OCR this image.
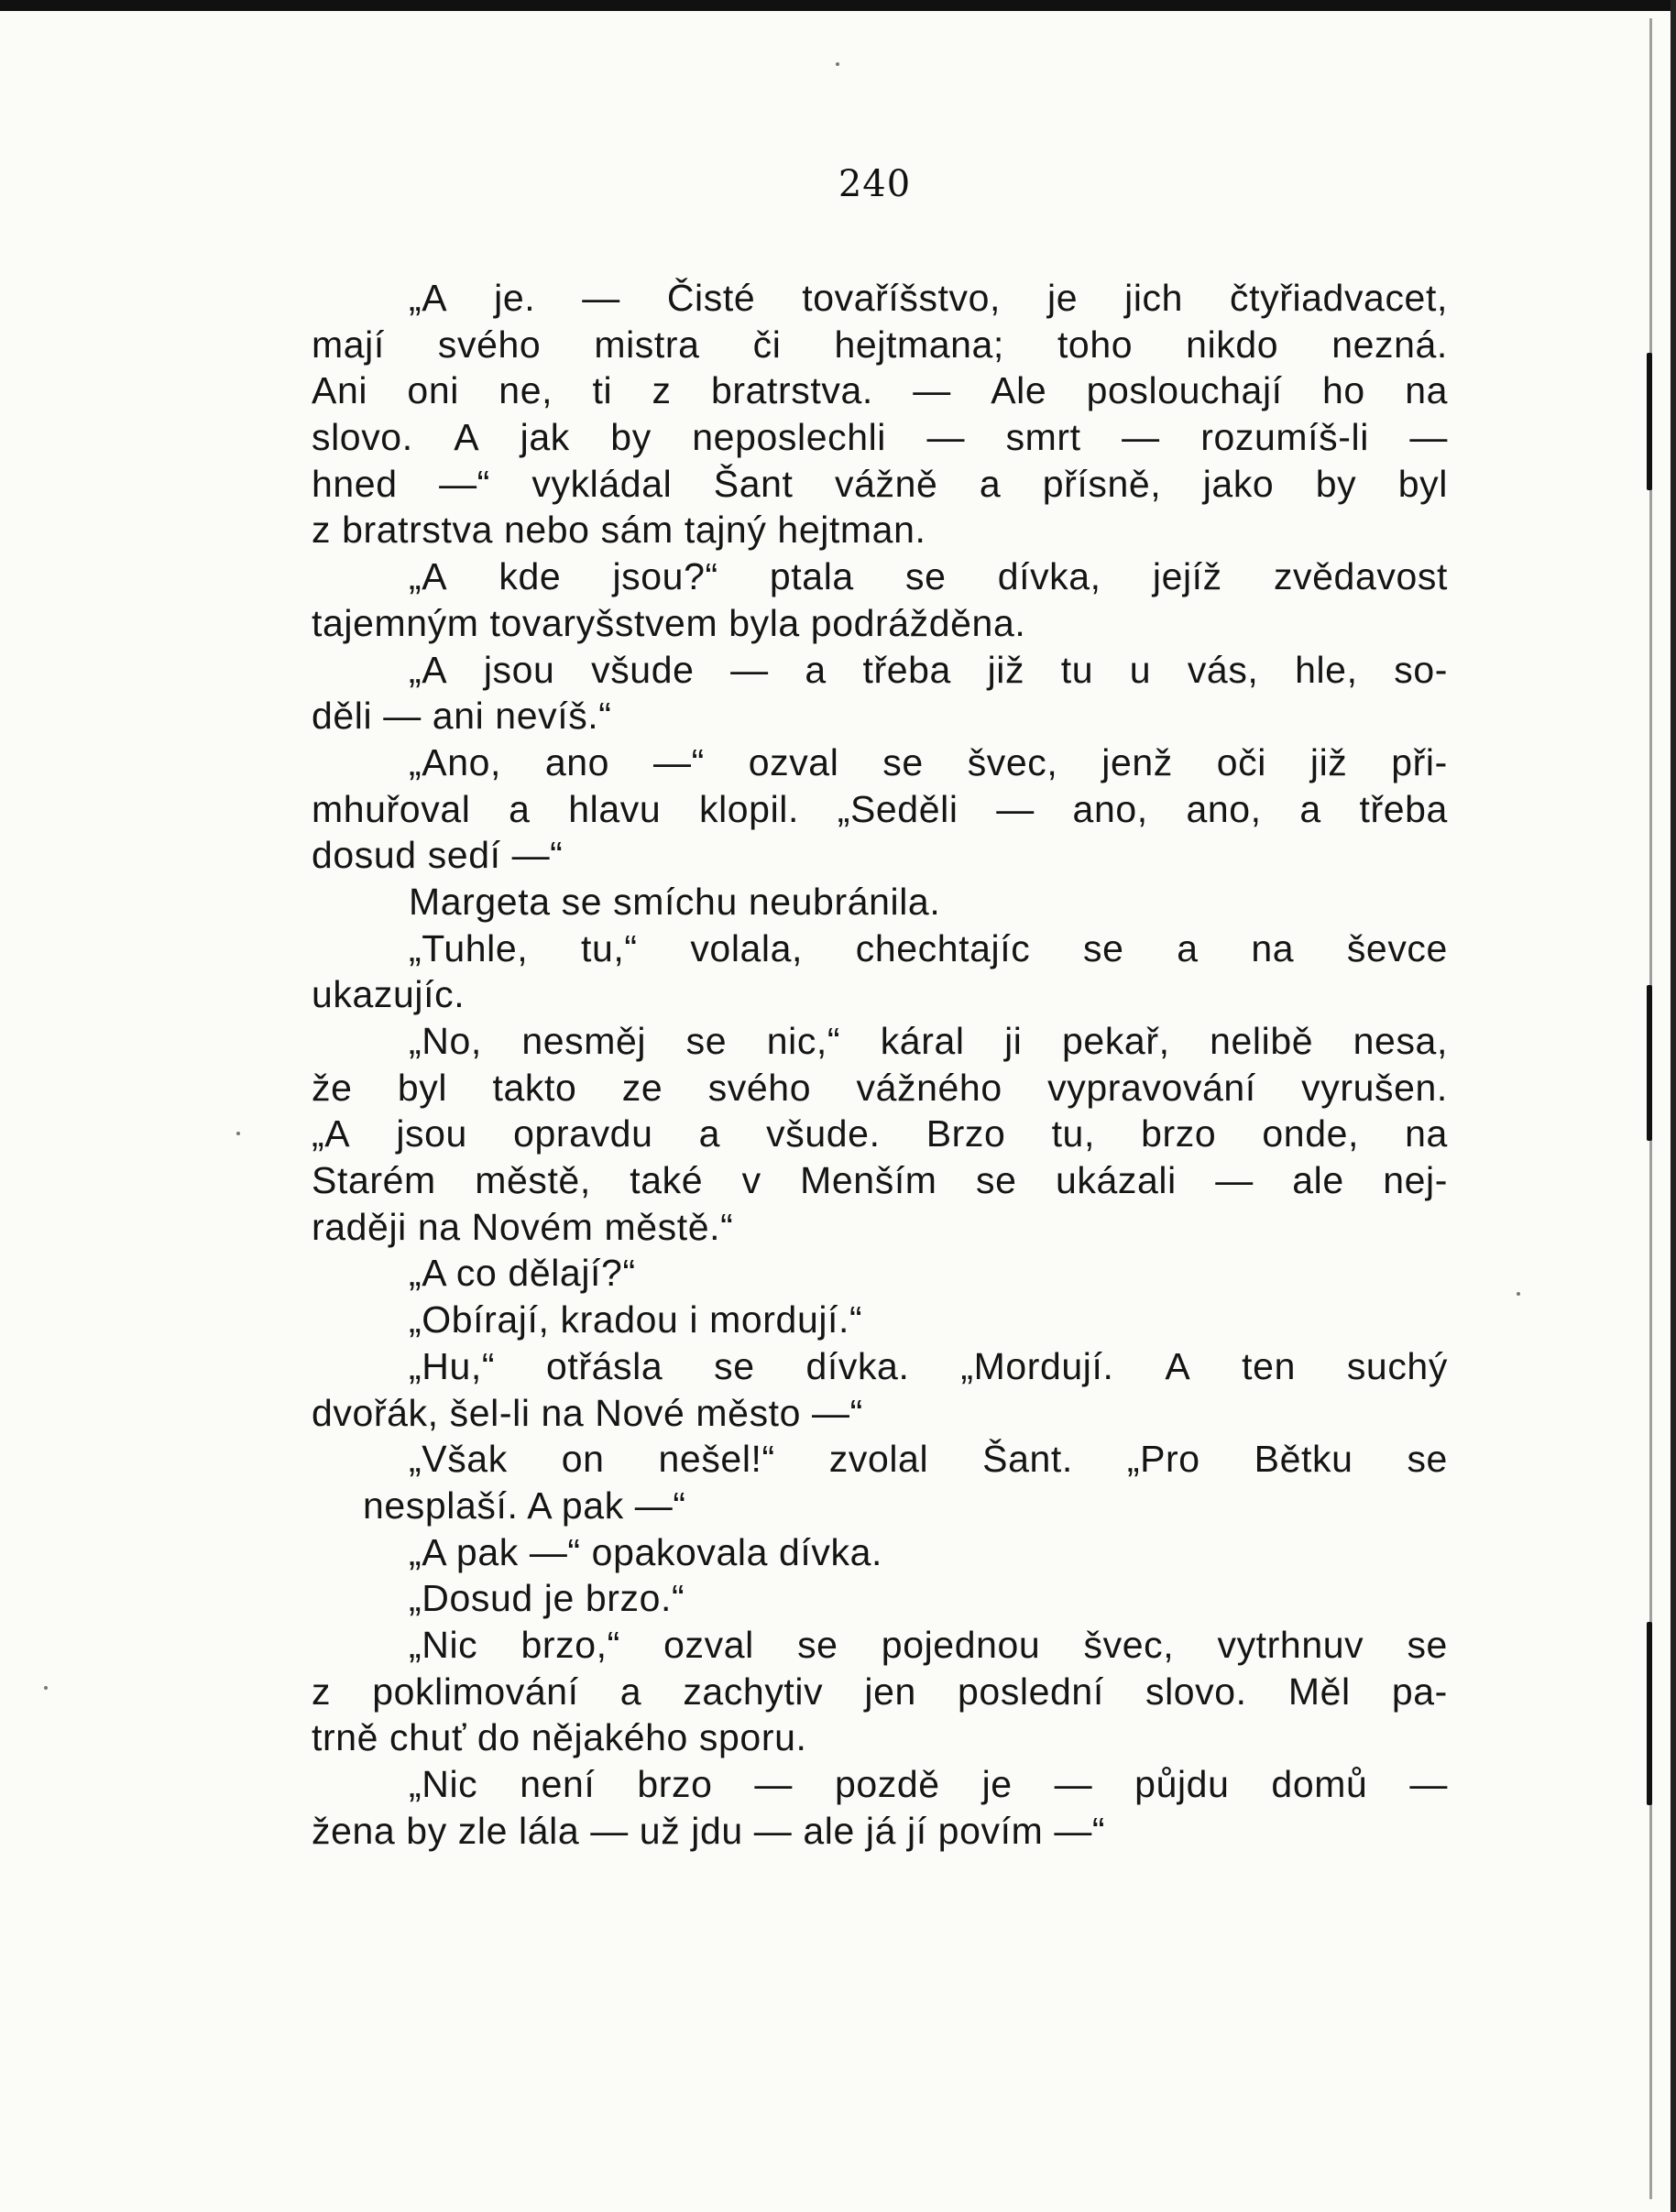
240
„A je. — Čisté tovaříšstvo, je jich čtyřiadvacet,
mají svého mistra či hejtmana; toho nikdo nezná.
Ani oni ne, ti z bratrstva. — Ale poslouchají ho na
slovo. A jak by neposlechli — smrt — rozumíš-li —
hned —“ vykládal Šant vážně a přísně, jako by byl
z bratrstva nebo sám tajný hejtman.
„A kde jsou?“ ptala se dívka, jejíž zvědavost
tajemným tovaryšstvem byla podrážděna.
„A jsou všude — a třeba již tu u vás, hle, so-
děli — ani nevíš.“
„Ano, ano —“ ozval se švec, jenž oči již při-
mhuřoval a hlavu klopil. „Seděli — ano, ano, a třeba
dosud sedí —“
Margeta se smíchu neubránila.
„Tuhle, tu,“ volala, chechtajíc se a na ševce
ukazujíc.
„No, nesměj se nic,“ káral ji pekař, nelibě nesa,
že byl takto ze svého vážného vypravování vyrušen.
„A jsou opravdu a všude. Brzo tu, brzo onde, na
Starém městě, také v Menším se ukázali — ale nej-
raději na Novém městě.“
„A co dělají?“
„Obírají, kradou i mordují.“
„Hu,“ otřásla se dívka. „Mordují. A ten suchý
dvořák, šel-li na Nové město —“
„Však on nešel!“ zvolal Šant. „Pro Bětku se
nesplaší. A pak —“
„A pak —“ opakovala dívka.
„Dosud je brzo.“
„Nic brzo,“ ozval se pojednou švec, vytrhnuv se
z poklimování a zachytiv jen poslední slovo. Měl pa-
trně chuť do nějakého sporu.
„Nic není brzo — pozdě je — půjdu domů —
žena by zle lála — už jdu — ale já jí povím —“
